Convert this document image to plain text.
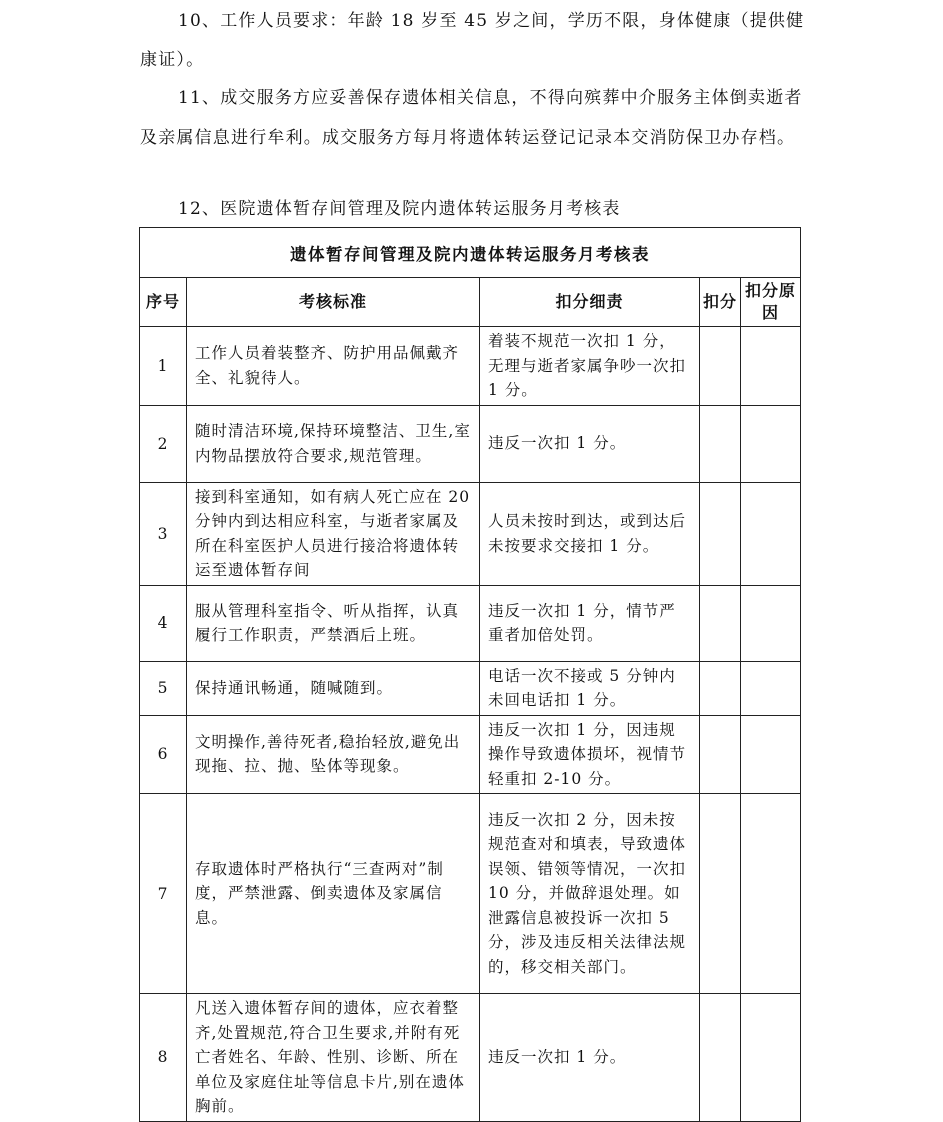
10、工作人员要求：年龄 18 岁至 45 岁之间，学历不限，身体健康（提供健康证）。

11、成交服务方应妥善保存遗体相关信息，不得向殡葬中介服务主体倒卖逝者及亲属信息进行牟利。成交服务方每月将遗体转运登记记录本交消防保卫办存档。

12、医院遗体暂存间管理及院内遗体转运服务月考核表

遗体暂存间管理及院内遗体转运服务月考核表				
序号	考核标准	扣分细责	扣分	扣分原因
1	工作人员着装整齐、防护用品佩戴齐全、礼貌待人。	着装不规范一次扣 1 分，无理与逝者家属争吵一次扣 1 分。		
2	随时清洁环境,保持环境整洁、卫生,室内物品摆放符合要求,规范管理。	违反一次扣 1 分。		
3	接到科室通知，如有病人死亡应在 20 分钟内到达相应科室，与逝者家属及所在科室医护人员进行接洽将遗体转运至遗体暂存间	人员未按时到达，或到达后未按要求交接扣 1 分。		
4	服从管理科室指令、听从指挥，认真履行工作职责，严禁酒后上班。	违反一次扣 1 分，情节严重者加倍处罚。		
5	保持通讯畅通，随喊随到。	电话一次不接或 5 分钟内未回电话扣 1 分。		
6	文明操作,善待死者,稳抬轻放,避免出现拖、拉、抛、坠体等现象。	违反一次扣 1 分，因违规操作导致遗体损坏，视情节轻重扣 2-10 分。		
7	存取遗体时严格执行“三查两对”制度，严禁泄露、倒卖遗体及家属信息。	违反一次扣 2 分，因未按规范查对和填表，导致遗体误领、错领等情况，一次扣 10 分，并做辞退处理。如泄露信息被投诉一次扣 5 分，涉及违反相关法律法规的，移交相关部门。		
8	凡送入遗体暂存间的遗体，应衣着整齐,处置规范,符合卫生要求,并附有死亡者姓名、年龄、性别、诊断、所在单位及家庭住址等信息卡片,别在遗体胸前。	违反一次扣 1 分。		
